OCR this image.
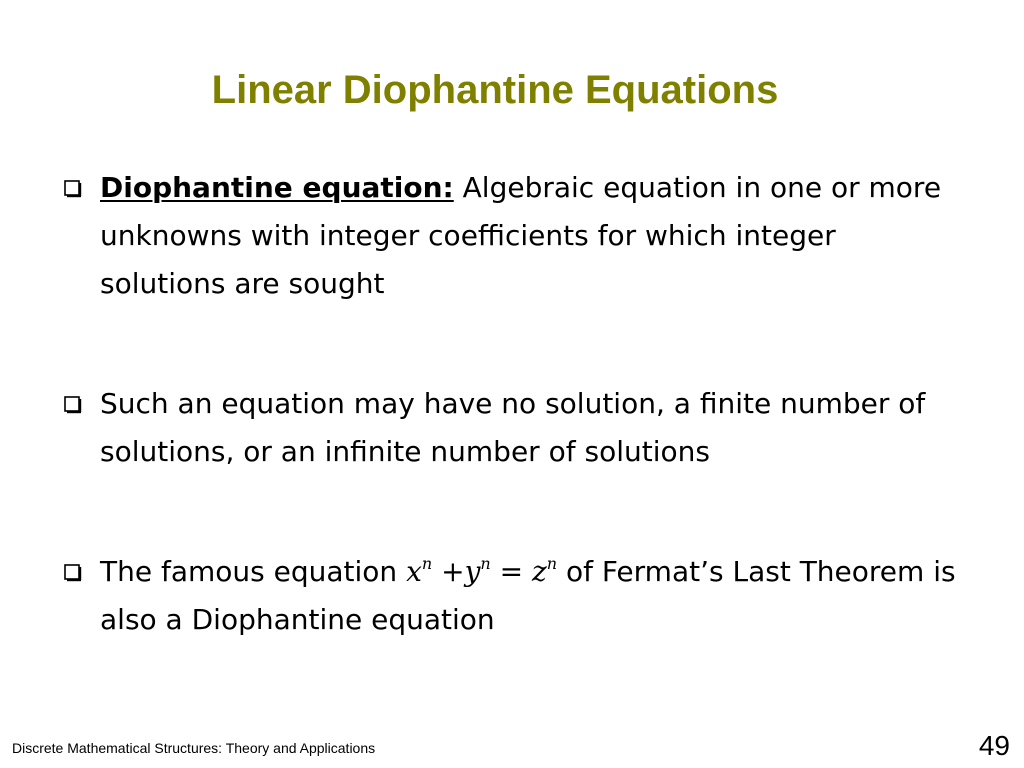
Linear Diophantine Equations
Diophantine equation: Algebraic equation in one or more unknowns with integer coefficients for which integer solutions are sought
Such an equation may have no solution, a finite number of solutions, or an infinite number of solutions
The famous equation $x^n +y^n = z^n$ of Fermat’s Last Theorem is also a Diophantine equation
Discrete Mathematical Structures: Theory and Applications	49
